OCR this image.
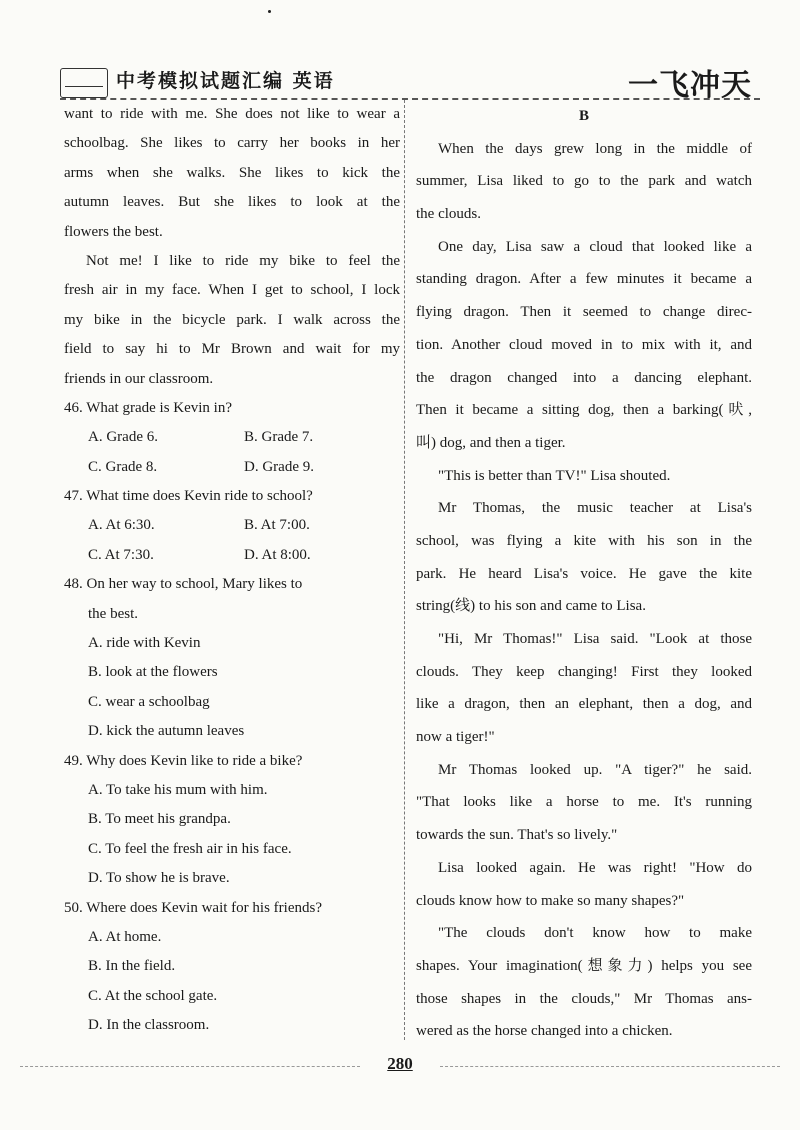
中考模拟试题汇编 英语	一飞冲天
want to ride with me. She does not like to wear a
schoolbag. She likes to carry her books in her
arms when she walks. She likes to kick the
autumn leaves. But she likes to look at the
flowers the best.
Not me! I like to ride my bike to feel the
fresh air in my face. When I get to school, I lock
my bike in the bicycle park. I walk across the
field to say hi to Mr Brown and wait for my
friends in our classroom.
46. What grade is Kevin in?
A. Grade 6.	B. Grade 7.
C. Grade 8.	D. Grade 9.
47. What time does Kevin ride to school?
A. At 6:30.	B. At 7:00.
C. At 7:30.	D. At 8:00.
48. On her way to school, Mary likes to
the best.
A. ride with Kevin
B. look at the flowers
C. wear a schoolbag
D. kick the autumn leaves
49. Why does Kevin like to ride a bike?
A. To take his mum with him.
B. To meet his grandpa.
C. To feel the fresh air in his face.
D. To show he is brave.
50. Where does Kevin wait for his friends?
A. At home.
B. In the field.
C. At the school gate.
D. In the classroom.
B
When the days grew long in the middle of
summer, Lisa liked to go to the park and watch
the clouds.
One day, Lisa saw a cloud that looked like a
standing dragon. After a few minutes it became a
flying dragon. Then it seemed to change direc-
tion. Another cloud moved in to mix with it, and
the dragon changed into a dancing elephant.
Then it became a sitting dog, then a barking(吠,
叫) dog, and then a tiger.
"This is better than TV!" Lisa shouted.
Mr Thomas, the music teacher at Lisa's
school, was flying a kite with his son in the
park. He heard Lisa's voice. He gave the kite
string(线) to his son and came to Lisa.
"Hi, Mr Thomas!" Lisa said. "Look at those
clouds. They keep changing! First they looked
like a dragon, then an elephant, then a dog, and
now a tiger!"
Mr Thomas looked up. "A tiger?" he said.
"That looks like a horse to me. It's running
towards the sun. That's so lively."
Lisa looked again. He was right! "How do
clouds know how to make so many shapes?"
"The clouds don't know how to make
shapes. Your imagination(想象力) helps you see
those shapes in the clouds," Mr Thomas ans-
wered as the horse changed into a chicken.
280
